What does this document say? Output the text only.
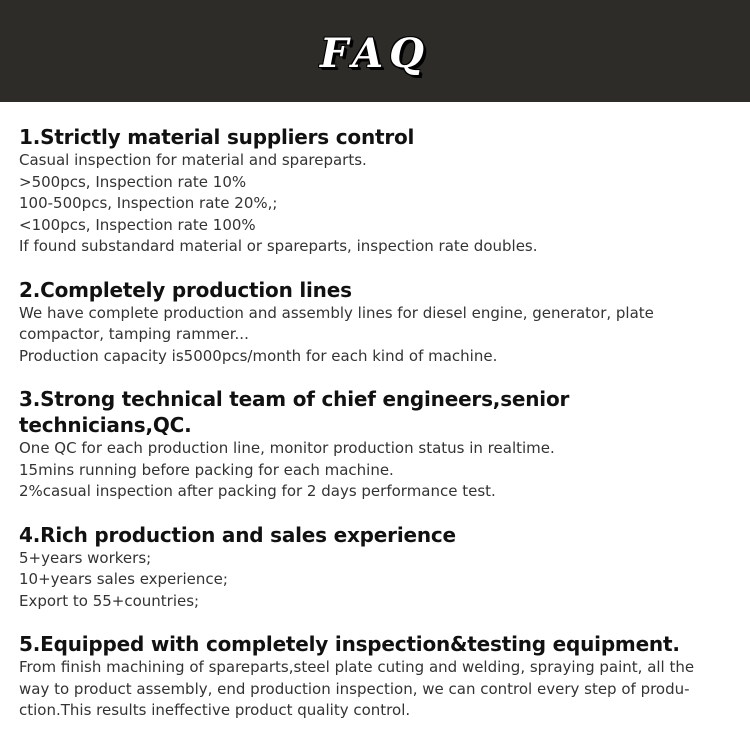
FAQ
1.Strictly material suppliers control

Casual inspection for material and spareparts.

>500pcs, Inspection rate 10%

100-500pcs, Inspection rate 20%,;

<100pcs, Inspection rate 100%

If found substandard material or spareparts, inspection rate doubles.

2.Completely production lines

We have complete production and assembly lines for diesel engine, generator, plate

compactor, tamping rammer...

Production capacity is5000pcs/month for each kind of machine.

3.Strong technical team of chief engineers,senior technicians,QC.

One QC for each production line, monitor production status in realtime.

15mins running before packing for each machine.

2%casual inspection after packing for 2 days performance test.

4.Rich production and sales experience

5+years workers;

10+years sales experience;

Export to 55+countries;

5.Equipped with completely inspection&testing equipment.

From finish machining of spareparts,steel plate cuting and welding, spraying paint, all the

way to product assembly, end production inspection, we can control every step of produ-

ction.This results ineffective product quality control.
